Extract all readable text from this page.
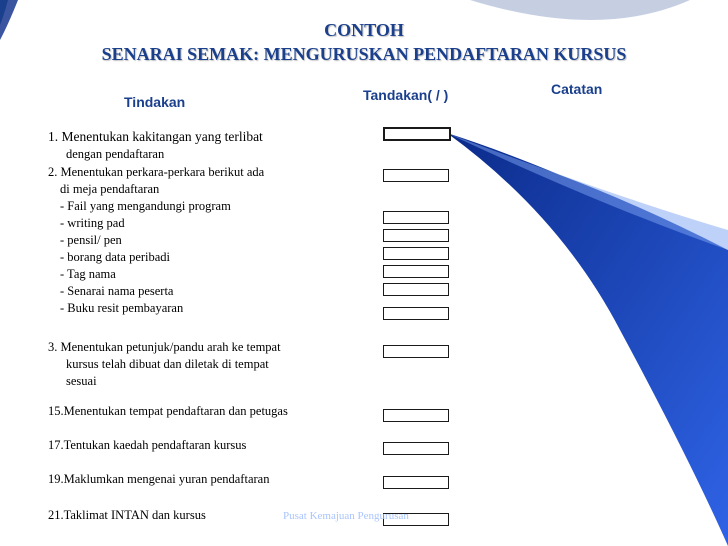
CONTOH
SENARAI SEMAK: MENGURUSKAN PENDAFTARAN KURSUS
Tindakan	Tandakan( / )	Catatan
1. Menentukan kakitangan yang terlibat
dengan pendaftaran
2. Menentukan perkara-perkara berikut ada
di meja pendaftaran
- Fail yang mengandungi program
- writing pad
- pensil/ pen
- borang data peribadi
- Tag nama
- Senarai nama peserta
- Buku resit pembayaran
3. Menentukan petunjuk/pandu arah ke tempat
kursus telah dibuat dan diletak di tempat
sesuai
15.Menentukan tempat pendaftaran dan petugas
17.Tentukan kaedah pendaftaran kursus
19.Maklumkan mengenai yuran pendaftaran
21.Taklimat INTAN dan kursus	Pusat Kemajuan Pengurusan
